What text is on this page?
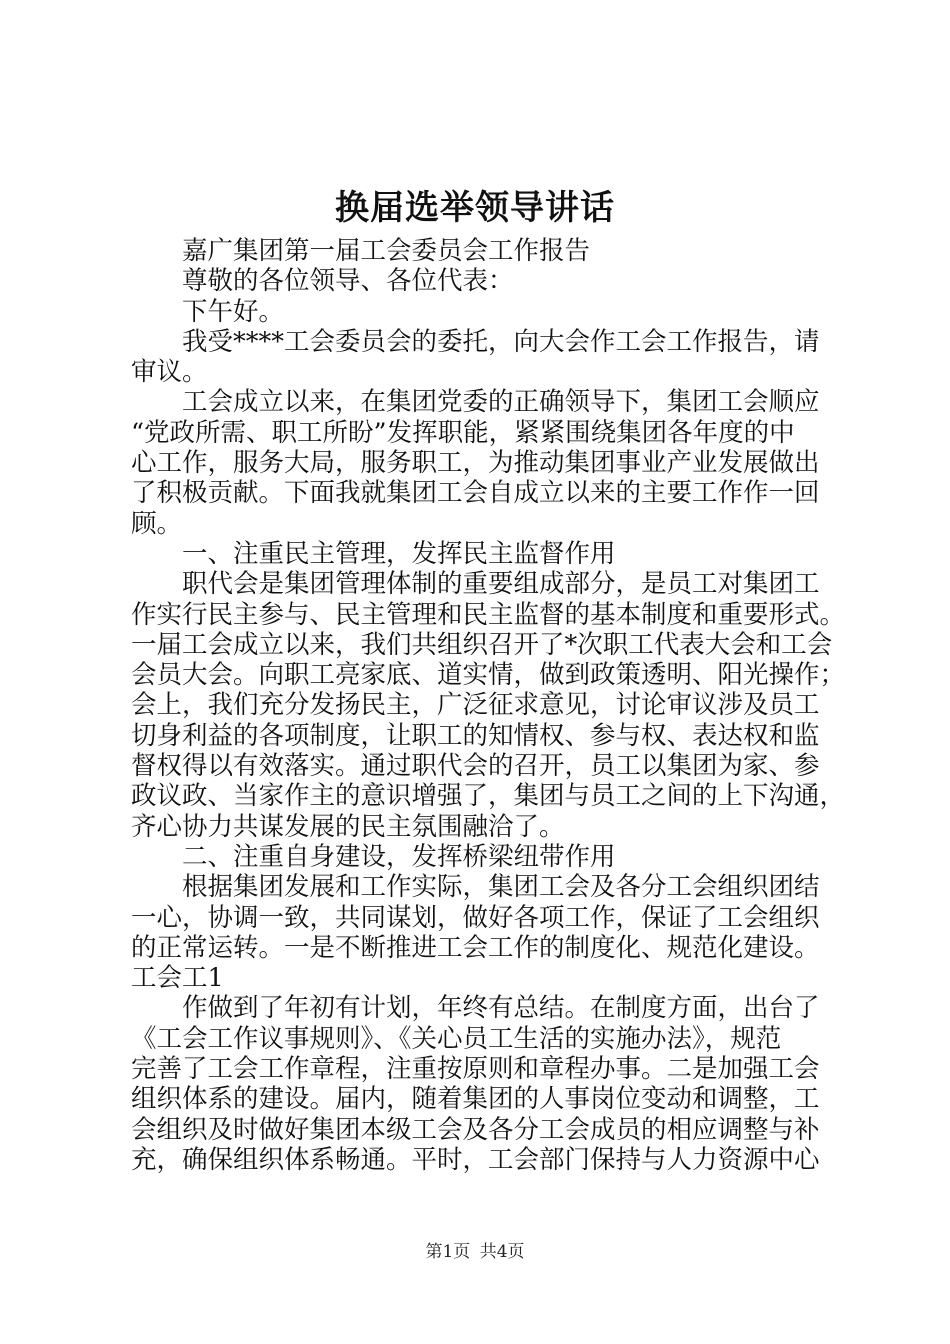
换届选举领导讲话
嘉广集团第一届工会委员会工作报告
尊敬的各位领导、各位代表：
下午好。
我受****工会委员会的委托，向大会作工会工作报告，请
审议。
工会成立以来，在集团党委的正确领导下，集团工会顺应
“党政所需、职工所盼”发挥职能，紧紧围绕集团各年度的中
心工作，服务大局，服务职工，为推动集团事业产业发展做出
了积极贡献。下面我就集团工会自成立以来的主要工作作一回
顾。
一、注重民主管理，发挥民主监督作用
职代会是集团管理体制的重要组成部分，是员工对集团工
作实行民主参与、民主管理和民主监督的基本制度和重要形式。
一届工会成立以来，我们共组织召开了*次职工代表大会和工会
会员大会。向职工亮家底、道实情，做到政策透明、阳光操作；
会上，我们充分发扬民主，广泛征求意见，讨论审议涉及员工
切身利益的各项制度，让职工的知情权、参与权、表达权和监
督权得以有效落实。通过职代会的召开，员工以集团为家、参
政议政、当家作主的意识增强了，集团与员工之间的上下沟通，
齐心协力共谋发展的民主氛围融洽了。
二、注重自身建设，发挥桥梁纽带作用
根据集团发展和工作实际，集团工会及各分工会组织团结
一心，协调一致，共同谋划，做好各项工作，保证了工会组织
的正常运转。一是不断推进工会工作的制度化、规范化建设。
工会工1
作做到了年初有计划，年终有总结。在制度方面，出台了
《工会工作议事规则》、《关心员工生活的实施办法》，规范
完善了工会工作章程，注重按原则和章程办事。二是加强工会
组织体系的建设。届内，随着集团的人事岗位变动和调整，工
会组织及时做好集团本级工会及各分工会成员的相应调整与补
充，确保组织体系畅通。平时，工会部门保持与人力资源中心
第1页 共4页
